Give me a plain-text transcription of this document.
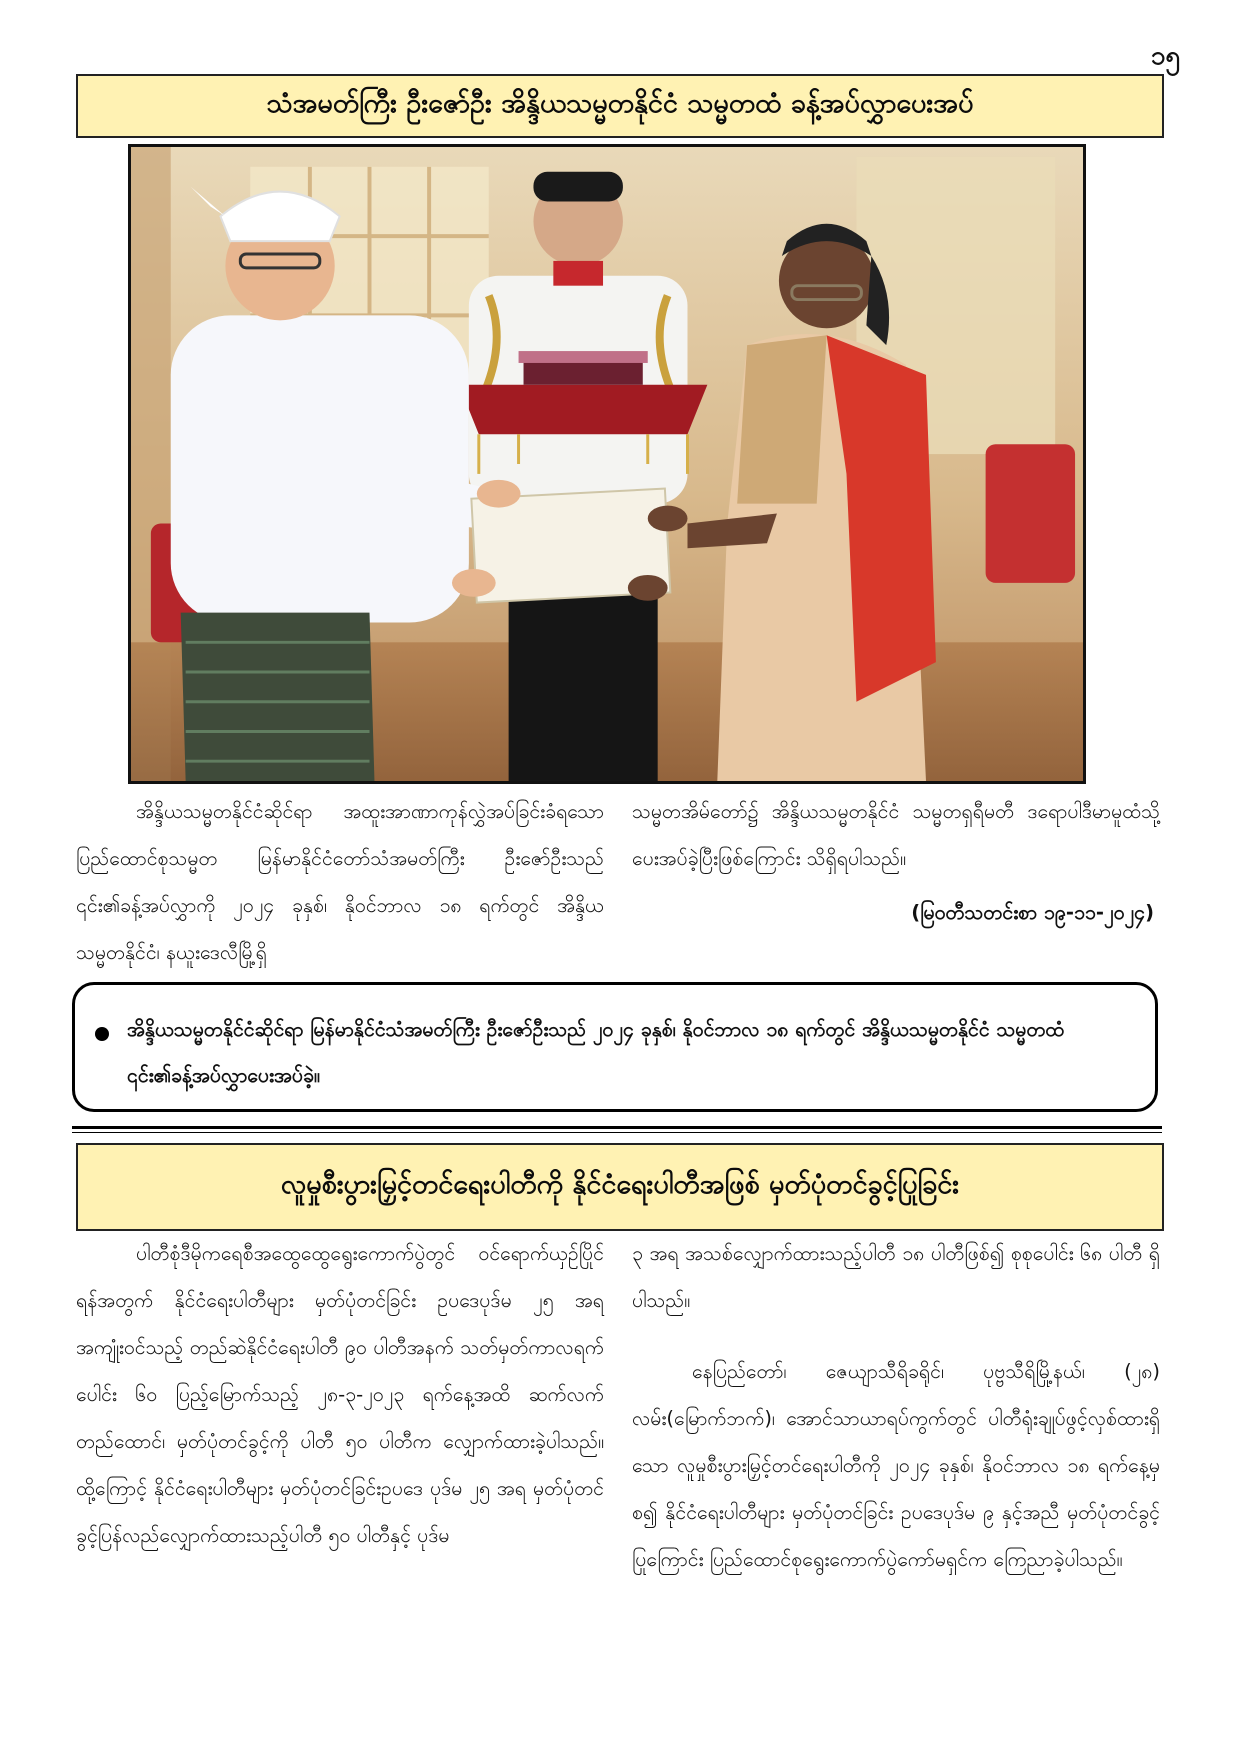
၁၅
သံအမတ်ကြီး ဦးဇော်ဦး အိန္ဒိယသမ္မတနိုင်ငံ သမ္မတထံ ခန့်အပ်လွှာပေးအပ်

အိန္ဒိယသမ္မတနိုင်ငံဆိုင်ရာ အထူးအာဏာကုန်လွှဲအပ်ခြင်းခံရသော ပြည်ထောင်စုသမ္မတ မြန်မာနိုင်ငံတော်သံအမတ်ကြီး ဦးဇော်ဦးသည် ၎င်း၏ခန့်အပ်လွှာကို ၂၀၂၄ ခုနှစ်၊ နိုဝင်ဘာလ ၁၈ ရက်တွင် အိန္ဒိယသမ္မတနိုင်ငံ၊ နယူးဒေလီမြို့ရှိ

သမ္မတအိမ်တော်၌ အိန္ဒိယသမ္မတနိုင်ငံ သမ္မတရှရီမတီ ဒရောပါဒီမာမူထံသို့ ပေးအပ်ခဲ့ပြီးဖြစ်ကြောင်း သိရှိရပါသည်။

(မြဝတီသတင်းစာ ၁၉-၁၁-၂၀၂၄)
အိန္ဒိယသမ္မတနိုင်ငံဆိုင်ရာ မြန်မာနိုင်ငံသံအမတ်ကြီး ဦးဇော်ဦးသည် ၂၀၂၄ ခုနှစ်၊ နိုဝင်ဘာလ ၁၈ ရက်တွင် အိန္ဒိယသမ္မတနိုင်ငံ သမ္မတထံ ၎င်း၏ခန့်အပ်လွှာပေးအပ်ခဲ့။
လူမှုစီးပွားမြှင့်တင်ရေးပါတီကို နိုင်ငံရေးပါတီအဖြစ် မှတ်ပုံတင်ခွင့်ပြုခြင်း

ပါတီစုံဒီမိုကရေစီအထွေထွေရွေးကောက်ပွဲတွင် ဝင်ရောက်ယှဉ်ပြိုင်ရန်အတွက် နိုင်ငံရေးပါတီများ မှတ်ပုံတင်ခြင်း ဥပဒေပုဒ်မ ၂၅ အရ အကျုံးဝင်သည့် တည်ဆဲနိုင်ငံရေးပါတီ ၉၀ ပါတီအနက် သတ်မှတ်ကာလရက်ပေါင်း ၆၀ ပြည့်မြောက်သည့် ၂၈-၃-၂၀၂၃ ရက်နေ့အထိ ဆက်လက်တည်ထောင်၊ မှတ်ပုံတင်ခွင့်ကို ပါတီ ၅၀ ပါတီက လျှောက်ထားခဲ့ပါသည်။ ထို့ကြောင့် နိုင်ငံရေးပါတီများ မှတ်ပုံတင်ခြင်းဥပဒေ ပုဒ်မ ၂၅ အရ မှတ်ပုံတင်ခွင့်ပြန်လည်လျှောက်ထားသည့်ပါတီ ၅၀ ပါတီနှင့် ပုဒ်မ

၃ အရ အသစ်လျှောက်ထားသည့်ပါတီ ၁၈ ပါတီဖြစ်၍ စုစုပေါင်း ၆၈ ပါတီ ရှိပါသည်။

နေပြည်တော်၊ ဇေယျာသီရိခရိုင်၊ ပုဗ္ဗသီရိမြို့နယ်၊ (၂၈) လမ်း(မြောက်ဘက်)၊ အောင်သာယာရပ်ကွက်တွင် ပါတီရုံးချုပ်ဖွင့်လှစ်ထားရှိသော လူမှုစီးပွားမြှင့်တင်ရေးပါတီကို ၂၀၂၄ ခုနှစ်၊ နိုဝင်ဘာလ ၁၈ ရက်နေ့မှစ၍ နိုင်ငံရေးပါတီများ မှတ်ပုံတင်ခြင်း ဥပဒေပုဒ်မ ၉ နှင့်အညီ မှတ်ပုံတင်ခွင့်ပြုကြောင်း ပြည်ထောင်စုရွေးကောက်ပွဲကော်မရှင်က ကြေညာခဲ့ပါသည်။
